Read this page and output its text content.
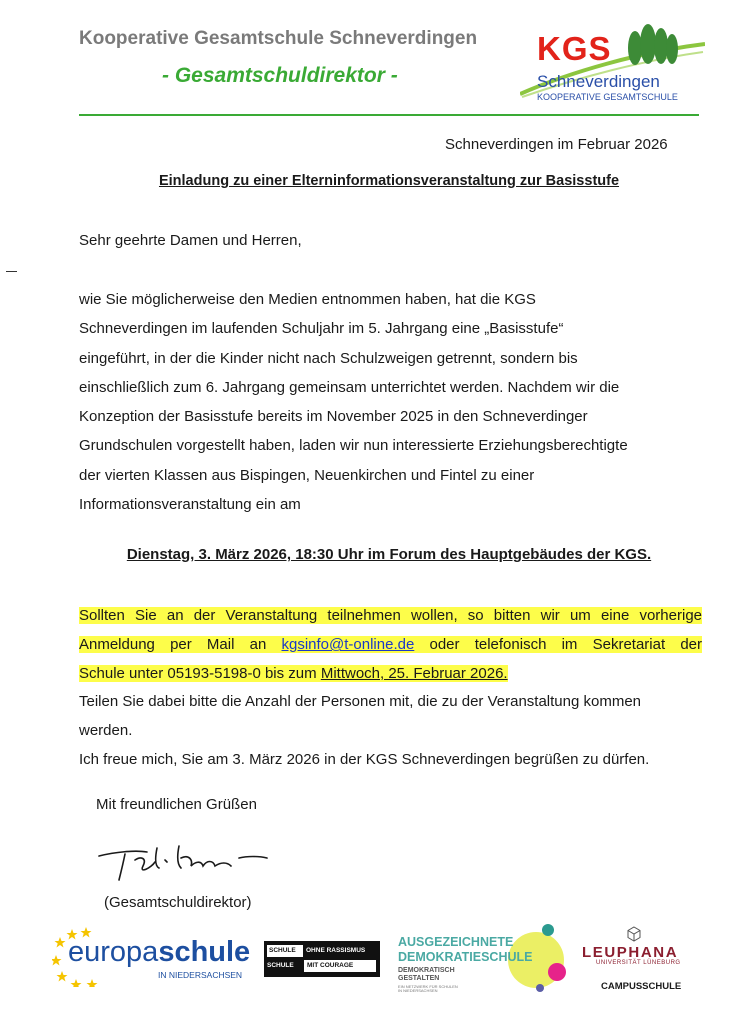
Kooperative Gesamtschule Schneverdingen
- Gesamtschuldirektor -
KGS
Schneverdingen
KOOPERATIVE GESAMTSCHULE
Schneverdingen im Februar 2026
Einladung zu einer Elterninformationsveranstaltung zur Basisstufe
Sehr geehrte Damen und Herren,
wie Sie möglicherweise den Medien entnommen haben, hat die KGS
Schneverdingen im laufenden Schuljahr im 5. Jahrgang eine „Basisstufe“
eingeführt, in der die Kinder nicht nach Schulzweigen getrennt, sondern bis
einschließlich zum 6. Jahrgang gemeinsam unterrichtet werden. Nachdem wir die
Konzeption der Basisstufe bereits im November 2025 in den Schneverdinger
Grundschulen vorgestellt haben, laden wir nun interessierte Erziehungsberechtigte
der vierten Klassen aus Bispingen, Neuenkirchen und Fintel zu einer
Informationsveranstaltung ein am
Dienstag, 3. März 2026, 18:30 Uhr im Forum des Hauptgebäudes der KGS.
Sollten Sie an der Veranstaltung teilnehmen wollen, so bitten wir um eine vorherige
Anmeldung per Mail an kgsinfo@t-online.de oder telefonisch im Sekretariat der
Schule unter 05193-5198-0 bis zum Mittwoch, 25. Februar 2026.
Teilen Sie dabei bitte die Anzahl der Personen mit, die zu der Veranstaltung kommen
werden.
Ich freue mich, Sie am 3. März 2026 in der KGS Schneverdingen begrüßen zu dürfen.
Mit freundlichen Grüßen
(Gesamtschuldirektor)
europaschule
IN NIEDERSACHSEN
SCHULE	OHNE RASSISMUS
SCHULE	MIT COURAGE
AUSGEZEICHNETE
DEMOKRATIESCHULE
DEMOKRATISCH GESTALTEN
EIN NETZWERK FÜR SCHULEN IN NIEDERSACHSEN
LEUPHANA
UNIVERSITÄT LÜNEBURG
CAMPUSSCHULE
